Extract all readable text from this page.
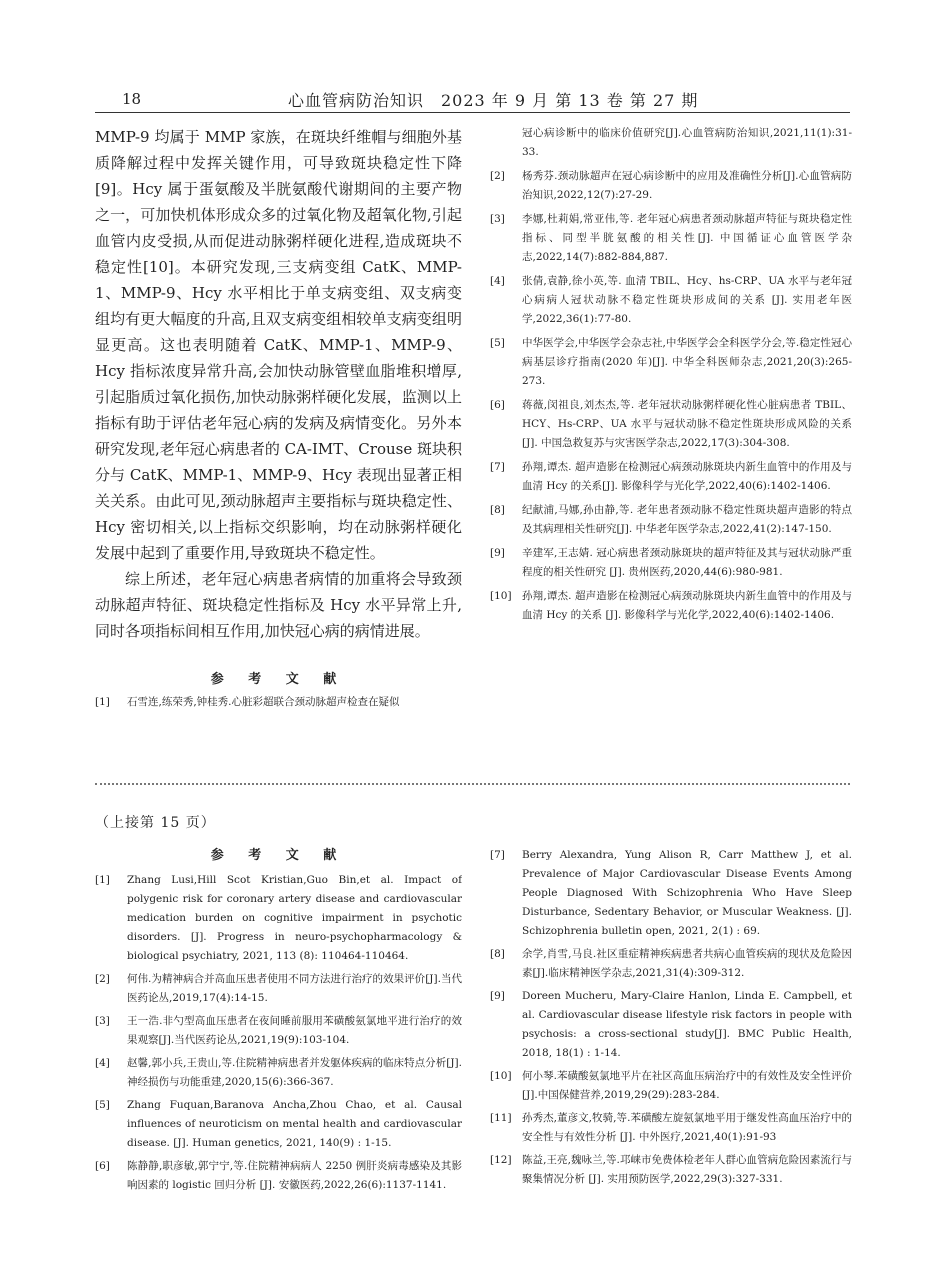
18	心血管病防治知识　2023 年 9 月 第 13 卷 第 27 期

MMP-9 均属于 MMP 家族，在斑块纤维帽与细胞外基质降解过程中发挥关键作用，可导致斑块稳定性下降[9]。Hcy 属于蛋氨酸及半胱氨酸代谢期间的主要产物之一，可加快机体形成众多的过氧化物及超氧化物,引起血管内皮受损,从而促进动脉粥样硬化进程,造成斑块不稳定性[10]。本研究发现,三支病变组 CatK、MMP-1、MMP-9、Hcy 水平相比于单支病变组、双支病变组均有更大幅度的升高,且双支病变组相较单支病变组明显更高。这也表明随着 CatK、MMP-1、MMP-9、Hcy 指标浓度异常升高,会加快动脉管壁血脂堆积增厚,引起脂质过氧化损伤,加快动脉粥样硬化发展，监测以上指标有助于评估老年冠心病的发病及病情变化。另外本研究发现,老年冠心病患者的 CA-IMT、Crouse 斑块积分与 CatK、MMP-1、MMP-9、Hcy 表现出显著正相关关系。由此可见,颈动脉超声主要指标与斑块稳定性、Hcy 密切相关,以上指标交织影响，均在动脉粥样硬化发展中起到了重要作用,导致斑块不稳定性。

综上所述，老年冠心病患者病情的加重将会导致颈动脉超声特征、斑块稳定性指标及 Hcy 水平异常上升,同时各项指标间相互作用,加快冠心病的病情进展。

参 考 文 献

[1]	石雪连,练荣秀,钟桂秀.心脏彩超联合颈动脉超声检查在疑似
冠心病诊断中的临床价值研究[J].心血管病防治知识,2021,11(1):31-33.
[2]	杨秀芬.颈动脉超声在冠心病诊断中的应用及准确性分析[J].心血管病防治知识,2022,12(7):27-29.
[3]	李娜,杜莉娟,常亚伟,等. 老年冠心病患者颈动脉超声特征与斑块稳定性指标、同型半胱氨酸的相关性[J]. 中国循证心血管医学杂志,2022,14(7):882-884,887.
[4]	张倩,袁静,徐小英,等. 血清 TBIL、Hcy、hs-CRP、UA 水平与老年冠心病病人冠状动脉不稳定性斑块形成间的关系 [J]. 实用老年医学,2022,36(1):77-80.
[5]	中华医学会,中华医学会杂志社,中华医学会全科医学分会,等.稳定性冠心病基层诊疗指南(2020 年)[J]. 中华全科医师杂志,2021,20(3):265-273.
[6]	蒋薇,闵祖良,刘杰杰,等. 老年冠状动脉粥样硬化性心脏病患者 TBIL、HCY、Hs-CRP、UA 水平与冠状动脉不稳定性斑块形成风险的关系 [J]. 中国急救复苏与灾害医学杂志,2022,17(3):304-308.
[7]	孙翔,谭杰. 超声造影在检测冠心病颈动脉斑块内新生血管中的作用及与血清 Hcy 的关系[J]. 影像科学与光化学,2022,40(6):1402-1406.
[8]	纪献浦,马娜,孙由静,等. 老年患者颈动脉不稳定性斑块超声造影的特点及其病理相关性研究[J]. 中华老年医学杂志,2022,41(2):147-150.
[9]	辛建军,王志婧. 冠心病患者颈动脉斑块的超声特征及其与冠状动脉严重程度的相关性研究 [J]. 贵州医药,2020,44(6):980-981.
[10] 孙翔,谭杰. 超声造影在检测冠心病颈动脉斑块内新生血管中的作用及与血清 Hcy 的关系 [J]. 影像科学与光化学,2022,40(6):1402-1406.
（上接第 15 页）

参 考 文 献

[1]	Zhang Lusi,Hill Scot Kristian,Guo Bin,et al. Impact of polygenic risk for coronary artery disease and cardiovascular medication burden on cognitive impairment in psychotic disorders. [J]. Progress in neuro-psychopharmacology & biological psychiatry, 2021, 113 (8): 110464-110464.
[2]	何伟.为精神病合并高血压患者使用不同方法进行治疗的效果评价[J].当代医药论丛,2019,17(4):14-15.
[3]	王一浩.非勺型高血压患者在夜间睡前服用苯磺酸氨氯地平进行治疗的效果观察[J].当代医药论丛,2021,19(9):103-104.
[4]	赵馨,郭小兵,王贵山,等.住院精神病患者并发躯体疾病的临床特点分析[J].神经损伤与功能重建,2020,15(6):366-367.
[5]	Zhang Fuquan,Baranova Ancha,Zhou Chao, et al. Causal influences of neuroticism on mental health and cardiovascular disease. [J]. Human genetics, 2021, 140(9) : 1-15.
[6]	陈静静,职彦敏,郭宁宁,等.住院精神病病人 2250 例肝炎病毒感染及其影响因素的 logistic 回归分析 [J]. 安徽医药,2022,26(6):1137-1141.
[7]	Berry Alexandra, Yung Alison R, Carr Matthew J, et al. Prevalence of Major Cardiovascular Disease Events Among People Diagnosed With Schizophrenia Who Have Sleep Disturbance, Sedentary Behavior, or Muscular Weakness. [J]. Schizophrenia bulletin open, 2021, 2(1) : 69.
[8]	余学,肖雪,马良.社区重症精神疾病患者共病心血管疾病的现状及危险因素[J].临床精神医学杂志,2021,31(4):309-312.
[9]	Doreen Mucheru, Mary-Claire Hanlon, Linda E. Campbell, et al. Cardiovascular disease lifestyle risk factors in people with psychosis: a cross-sectional study[J]. BMC Public Health, 2018, 18(1) : 1-14.
[10] 何小琴.苯磺酸氨氯地平片在社区高血压病治疗中的有效性及安全性评价[J].中国保健营养,2019,29(29):283-284.
[11] 孙秀杰,董彦文,牧骑,等.苯磺酸左旋氨氯地平用于继发性高血压治疗中的安全性与有效性分析 [J]. 中外医疗,2021,40(1):91-93
[12] 陈益,王亮,魏咏兰,等.邛崃市免费体检老年人群心血管病危险因素流行与聚集情况分析 [J]. 实用预防医学,2022,29(3):327-331.
